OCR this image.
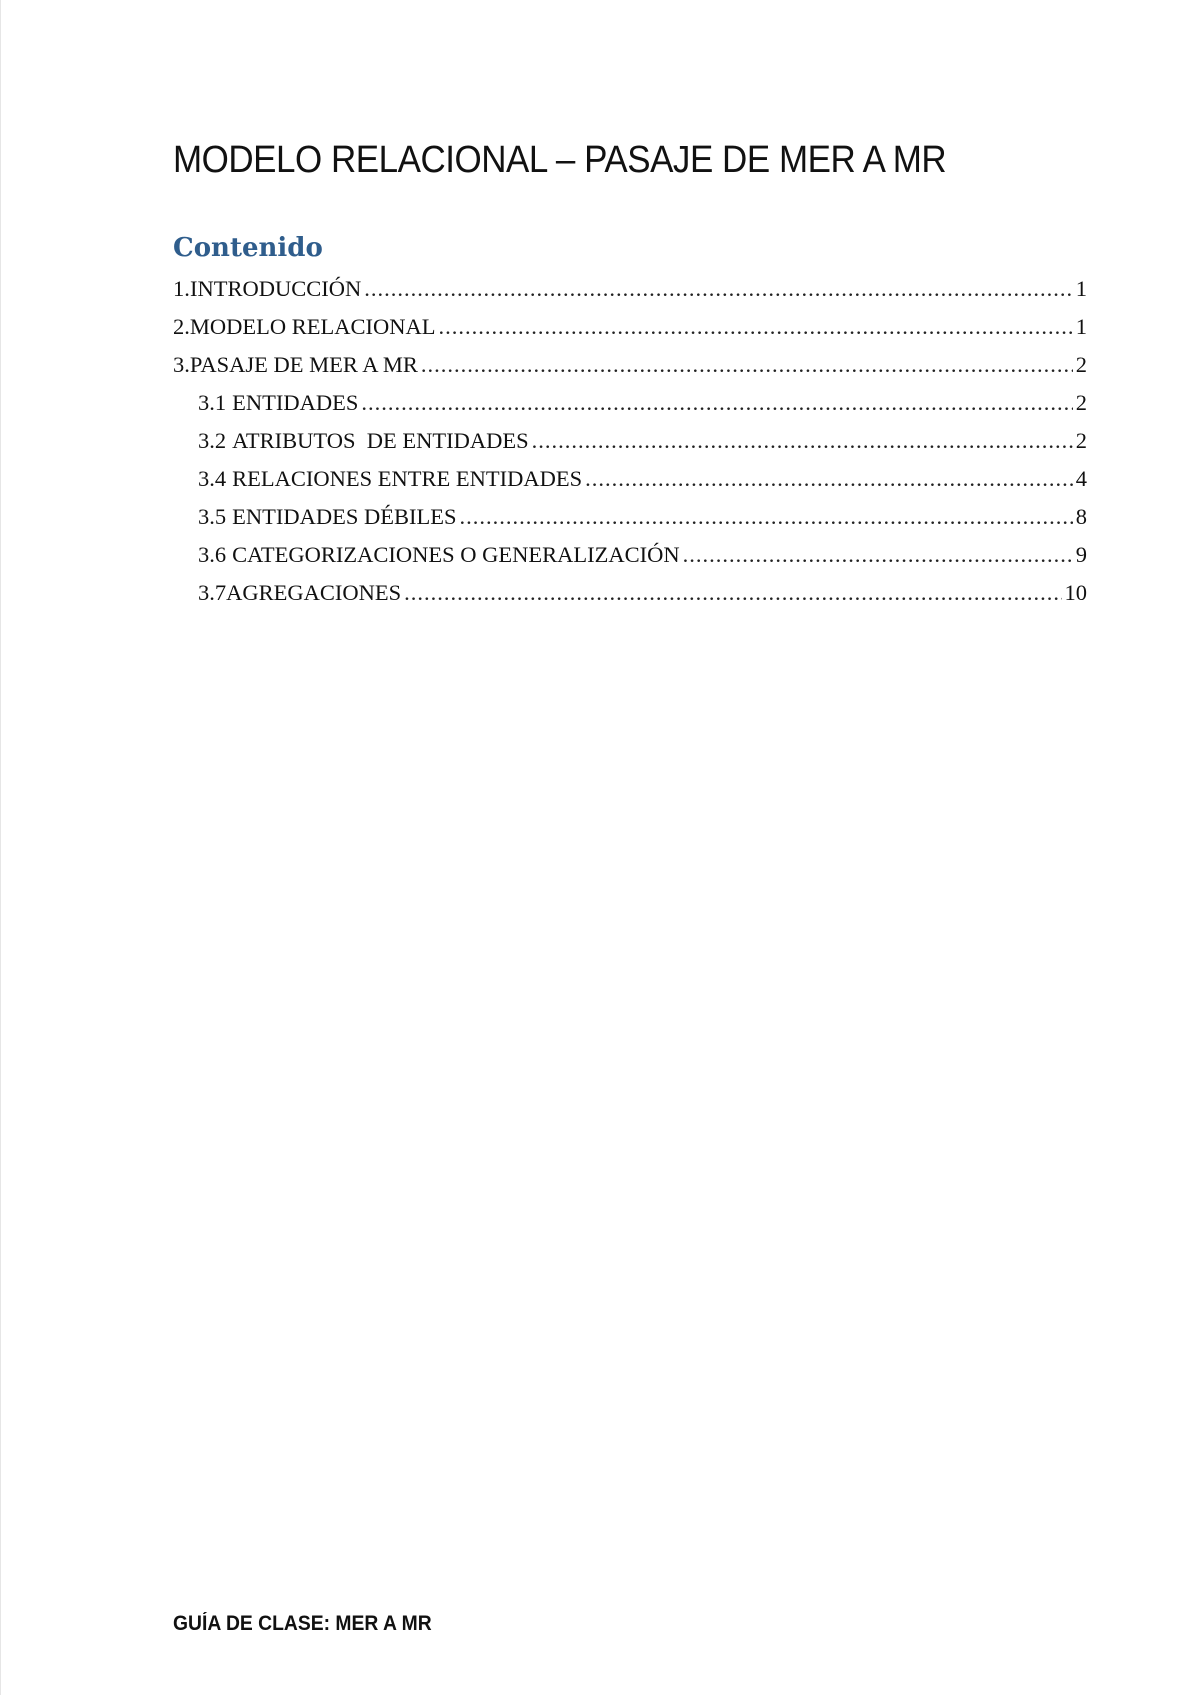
MODELO RELACIONAL – PASAJE DE MER A MR
Contenido
1. INTRODUCCIÓN .....	1
2. MODELO RELACIONAL .....	1
3. PASAJE DE MER A MR .....	2
3.1 ENTIDADES .....	2
3.2 ATRIBUTOS  DE ENTIDADES .....	2
3.4 RELACIONES ENTRE ENTIDADES .....	4
3.5 ENTIDADES DÉBILES .....	8
3.6 CATEGORIZACIONES O GENERALIZACIÓN .....	9
3.7 AGREGACIONES .....	10

GUÍA DE CLASE: MER A MR
